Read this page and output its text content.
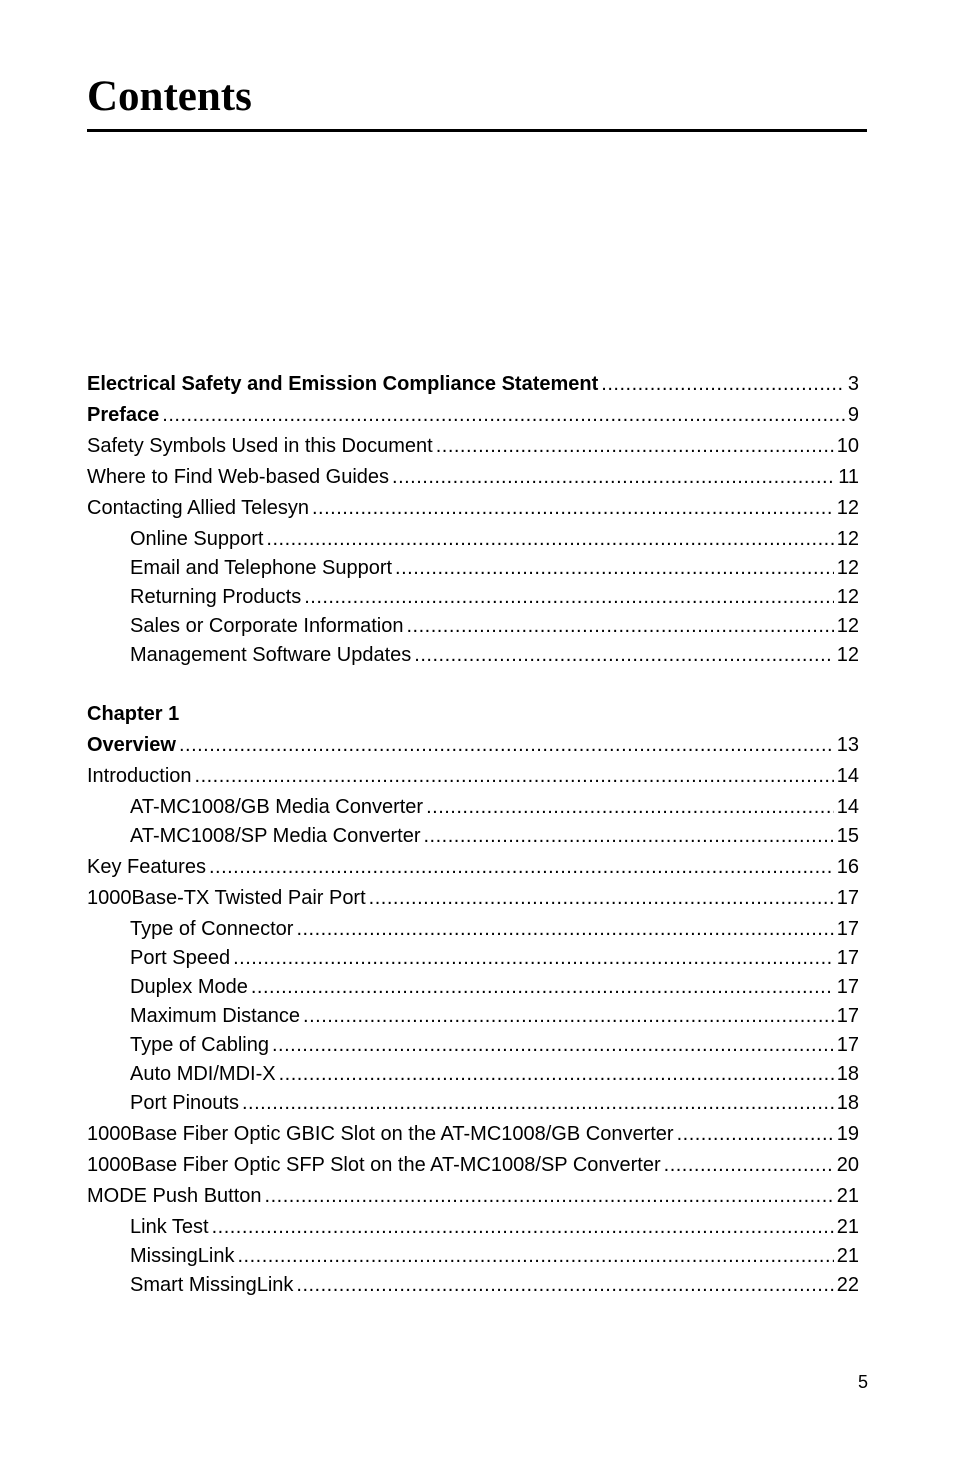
Contents
Electrical Safety and Emission Compliance Statement .....	3
Preface .....	9
Safety Symbols Used in this Document .....	10
Where to Find Web-based Guides .....	11
Contacting Allied Telesyn .....	12
Online Support .....	12
Email and Telephone Support .....	12
Returning Products .....	12
Sales or Corporate Information .....	12
Management Software Updates .....	12
Chapter 1
Overview .....	13
Introduction .....	14
AT-MC1008/GB Media Converter .....	14
AT-MC1008/SP Media Converter .....	15
Key Features .....	16
1000Base-TX Twisted Pair Port .....	17
Type of Connector .....	17
Port Speed .....	17
Duplex Mode .....	17
Maximum Distance .....	17
Type of Cabling .....	17
Auto MDI/MDI-X .....	18
Port Pinouts .....	18
1000Base Fiber Optic GBIC Slot on the AT-MC1008/GB Converter .....	19
1000Base Fiber Optic SFP Slot on the AT-MC1008/SP Converter .....	20
MODE Push Button .....	21
Link Test .....	21
MissingLink .....	21
Smart MissingLink .....	22
5
